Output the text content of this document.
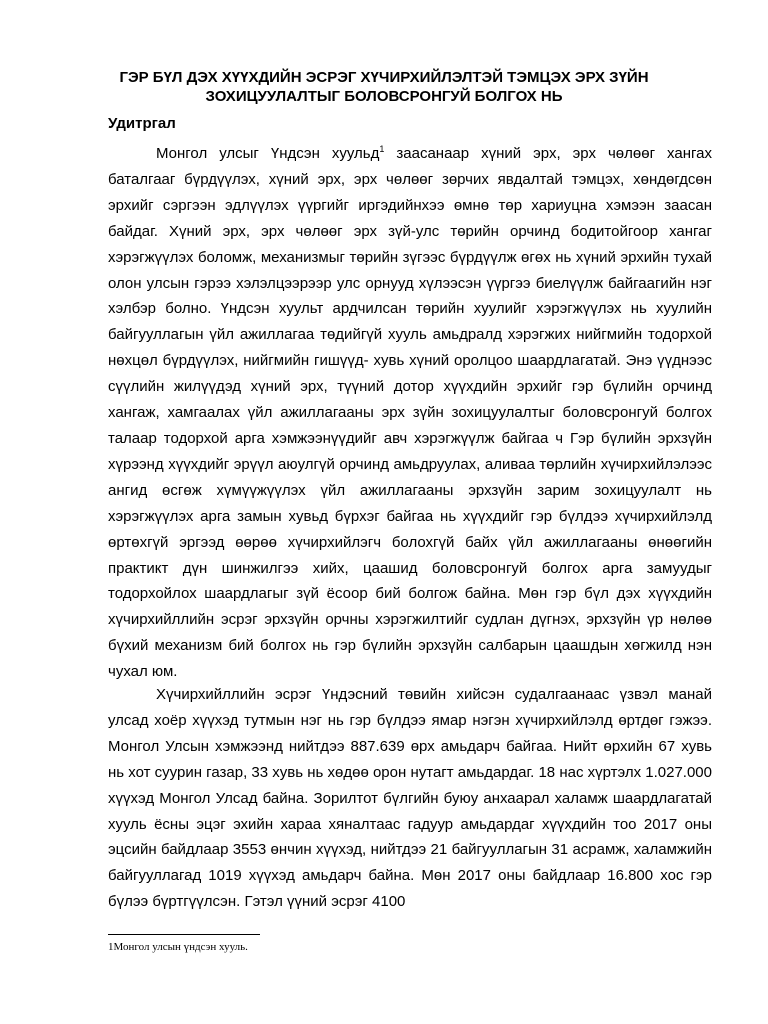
ГЭР БҮЛ ДЭХ ХҮҮХДИЙН ЭСРЭГ ХҮЧИРХИЙЛЭЛТЭЙ ТЭМЦЭХ ЭРХ ЗҮЙН
ЗОХИЦУУЛАЛТЫГ БОЛОВСРОНГУЙ БОЛГОХ НЬ
Удитргал

Монгол улсыг Үндсэн хуульд$^1$ заасанаар хүний эрх, эрх чөлөөг хангах баталгааг бүрдүүлэх, хүний эрх, эрх чөлөөг зөрчих явдалтай тэмцэх, хөндөгдсөн эрхийг сэргээн эдлүүлэх үүргийг иргэдийнхээ өмнө төр хариуцна хэмээн заасан байдаг. Хүний эрх, эрх чөлөөг эрх зүй-улс төрийн орчинд бодитойгоор хангаг хэрэгжүүлэх боломж, механизмыг төрийн зүгээс бүрдүүлж өгөх нь хүний эрхийн тухай олон улсын гэрээ хэлэлцээрээр улс орнууд хүлээсэн үүргээ биелүүлж байгаагийн нэг хэлбэр болно. Үндсэн хуульт ардчилсан төрийн хуулийг хэрэгжүүлэх нь хуулийн байгууллагын үйл ажиллагаа төдийгүй хууль амьдралд хэрэгжих нийгмийн тодорхой нөхцөл бүрдүүлэх, нийгмийн гишүүд- хувь хүний оролцоо шаардлагатай. Энэ үүднээс сүүлийн жилүүдэд хүний эрх, түүний дотор хүүхдийн эрхийг гэр бүлийн орчинд хангаж, хамгаалах үйл ажиллагааны эрх зүйн зохицуулалтыг боловсронгуй болгох талаар тодорхой арга хэмжээнүүдийг авч хэрэгжүүлж байгаа ч Гэр бүлийн эрхзүйн хүрээнд хүүхдийг эрүүл аюулгүй орчинд амьдруулах, аливаа төрлийн хүчирхийлэлээс ангид өсгөж хүмүүжүүлэх үйл ажиллагааны эрхзүйн зарим зохицуулалт нь хэрэгжүүлэх арга замын хувьд бүрхэг байгаа нь хүүхдийг гэр бүлдээ хүчирхийлэлд өртөхгүй эргээд өөрөө хүчирхийлэгч болохгүй байх үйл ажиллагааны өнөөгийн практикт дүн шинжилгээ хийх, цаашид боловсронгуй болгох арга замуудыг тодорхойлох шаардлагыг зүй ёсоор бий болгож байна. Мөн гэр бүл дэх хүүхдийн хүчирхийллийн эсрэг эрхзүйн орчны хэрэгжилтийг судлан дүгнэх, эрхзүйн үр нөлөө бүхий механизм бий болгох нь гэр бүлийн эрхзүйн салбарын цаашдын хөгжилд нэн чухал юм.

Хүчирхийллийн эсрэг Үндэсний төвийн хийсэн судалгаанаас үзвэл манай улсад хоёр хүүхэд тутмын нэг нь гэр бүлдээ ямар нэгэн хүчирхийлэлд өртдөг гэжээ. Монгол Улсын хэмжээнд нийтдээ 887.639 өрх амьдарч байгаа. Нийт өрхийн 67 хувь нь хот суурин газар, 33 хувь нь хөдөө орон нутагт амьдардаг. 18 нас хүртэлх 1.027.000 хүүхэд Монгол Улсад байна. Зорилтот бүлгийн буюу анхаарал халамж шаардлагатай хууль ёсны эцэг эхийн хараа хяналтаас гадуур амьдардаг хүүхдийн тоо 2017 оны эцсийн байдлаар 3553 өнчин хүүхэд, нийтдээ 21 байгууллагын 31 асрамж, халамжийн байгууллагад 1019 хүүхэд амьдарч байна. Мөн 2017 оны байдлаар 16.800 хос гэр бүлээ бүртгүүлсэн. Гэтэл үүний эсрэг 4100

1Монгол улсын үндсэн хууль.
